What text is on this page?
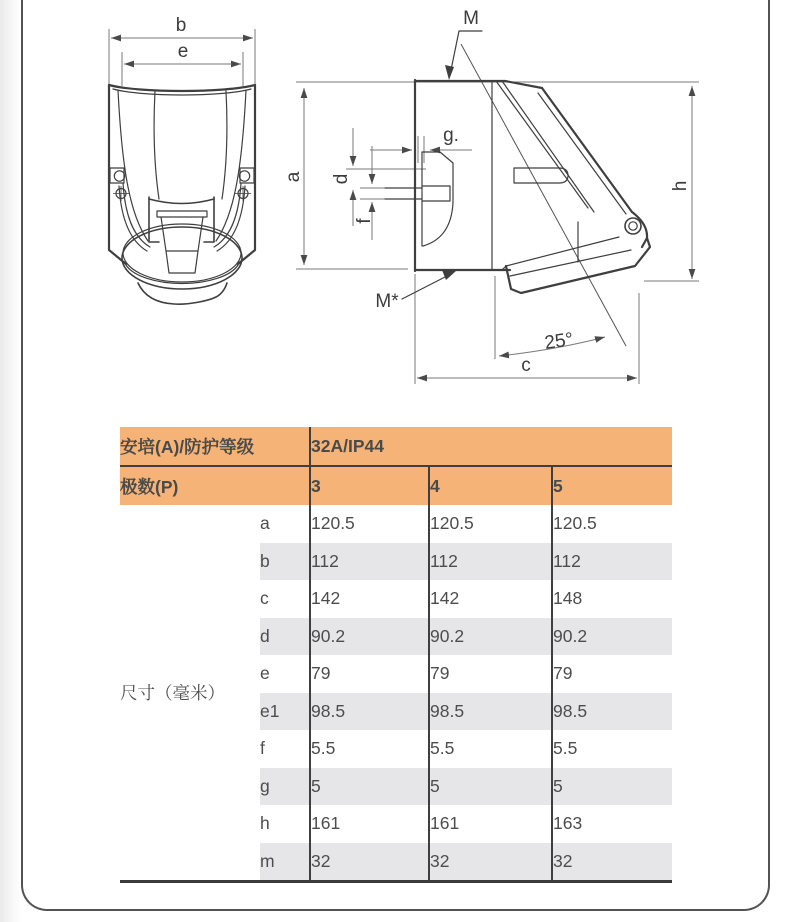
b
e
a
h
c
g.
d
f
25°
M
M*
安培(A)/防护等级		32A/IP44		
极数(P)		3	4	5
尺寸（毫米）	a	120.5	120.5	120.5
	b	112	112	112
	c	142	142	148
	d	90.2	90.2	90.2
	e	79	79	79
	e1	98.5	98.5	98.5
	f	5.5	5.5	5.5
	g	5	5	5
	h	161	161	163
	m	32	32	32
